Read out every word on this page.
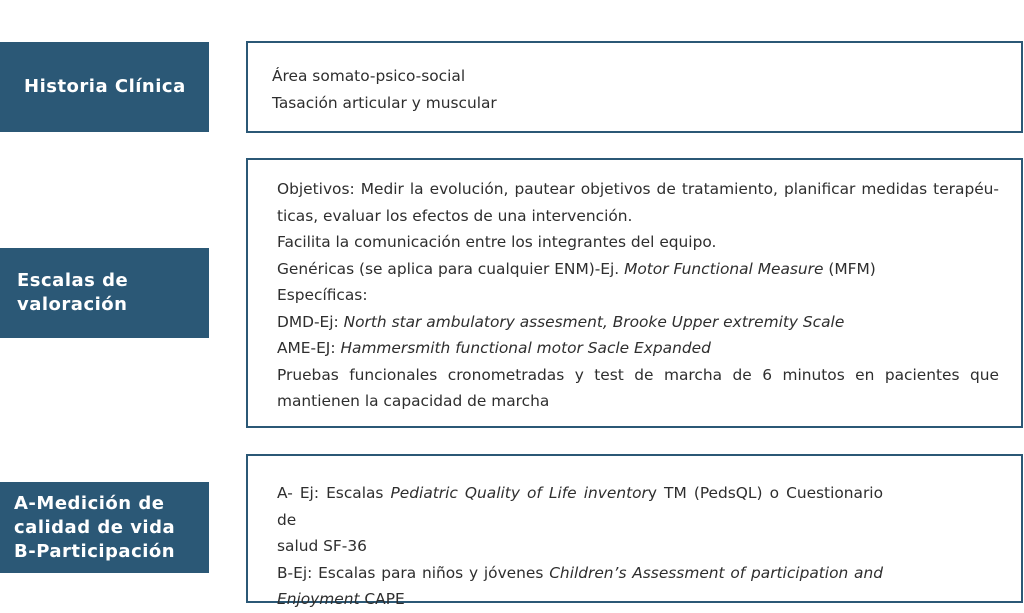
Historia Clínica	Área somato-psico-social
Tasación articular y muscular
Escalas de
valoración
Objetivos: Medir la evolución, pautear objetivos de tratamiento, planificar medidas terapéu-
ticas, evaluar los efectos de una intervención.
Facilita la comunicación entre los integrantes del equipo.
Genéricas (se aplica para cualquier ENM)-Ej. Motor Functional Measure (MFM)
Específicas:
DMD-Ej: North star ambulatory assesment, Brooke Upper extremity Scale
AME-EJ: Hammersmith functional motor Sacle Expanded
Pruebas funcionales cronometradas y test de marcha de 6 minutos en pacientes que
mantienen la capacidad de marcha
A-Medición de
calidad de vida
B-Participación
A- Ej: Escalas Pediatric Quality of Life inventory TM (PedsQL) o Cuestionario de
salud SF-36
B-Ej: Escalas para niños y jóvenes Children’s Assessment of participation and
Enjoyment CAPE
